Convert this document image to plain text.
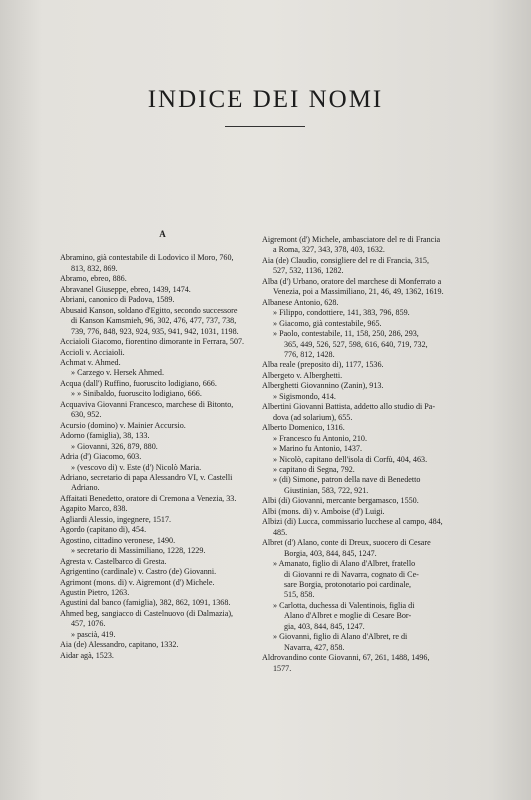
INDICE DEI NOMI
A
Abramino, già contestabile di Lodovico il Moro, 760,
813, 832, 869.
Abramo, ebreo, 886.
Abravanel Giuseppe, ebreo, 1439, 1474.
Abriani, canonico di Padova, 1589.
Abusaid Kanson, soldano d'Egitto, secondo successore
di Kanson Kamsmieh, 96, 302, 476, 477, 737, 738,
739, 776, 848, 923, 924, 935, 941, 942, 1031, 1198.
Acciaioli Giacomo, fiorentino dimorante in Ferrara, 507.
Accioli v. Acciaioli.
Achmat v. Ahmed.
» Carzego v. Hersek Ahmed.
Acqua (dall') Ruffino, fuoruscito lodigiano, 666.
» » Sinibaldo, fuoruscito lodigiano, 666.
Acquaviva Giovanni Francesco, marchese di Bitonto,
630, 952.
Acursio (domino) v. Mainier Accursio.
Adorno (famiglia), 38, 133.
» Giovanni, 326, 879, 880.
Adria (d') Giacomo, 603.
» (vescovo di) v. Este (d') Nicolò Maria.
Adriano, secretario di papa Alessandro VI, v. Castelli
Adriano.
Affaitati Benedetto, oratore di Cremona a Venezia, 33.
Agapito Marco, 838.
Agliardi Alessio, ingegnere, 1517.
Agordo (capitano di), 454.
Agostino, cittadino veronese, 1490.
» secretario di Massimiliano, 1228, 1229.
Agresta v. Castelbarco di Gresta.
Agrigentino (cardinale) v. Castro (de) Giovanni.
Agrimont (mons. di) v. Aigremont (d') Michele.
Agustin Pietro, 1263.
Agustini dal banco (famiglia), 382, 862, 1091, 1368.
Ahmed beg, sangiacco di Castelnuovo (di Dalmazia),
457, 1076.
» pascià, 419.
Aia (de) Alessandro, capitano, 1332.
Aidar agà, 1523.
Aigremont (d') Michele, ambasciatore del re di Francia
a Roma, 327, 343, 378, 403, 1632.
Aia (de) Claudio, consigliere del re di Francia, 315,
527, 532, 1136, 1282.
Alba (d') Urbano, oratore del marchese di Monferrato a
Venezia, poi a Massimiliano, 21, 46, 49, 1362, 1619.
Albanese Antonio, 628.
» Filippo, condottiere, 141, 383, 796, 859.
» Giacomo, già contestabile, 965.
» Paolo, contestabile, 11, 158, 250, 286, 293,
365, 449, 526, 527, 598, 616, 640, 719, 732,
776, 812, 1428.
Alba reale (preposito di), 1177, 1536.
Albergeto v. Alberghetti.
Alberghetti Giovannino (Zanin), 913.
» Sigismondo, 414.
Albertini Giovanni Battista, addetto allo studio di Pa-
dova (ad solarium), 655.
Alberto Domenico, 1316.
» Francesco fu Antonio, 210.
» Marino fu Antonio, 1437.
» Nicolò, capitano dell'isola di Corfù, 404, 463.
» capitano di Segna, 792.
» (di) Simone, patron della nave di Benedetto
Giustinian, 583, 722, 921.
Albi (di) Giovanni, mercante bergamasco, 1550.
Albi (mons. di) v. Amboise (d') Luigi.
Albizi (di) Lucca, commissario lucchese al campo, 484,
485.
Albret (d') Alano, conte di Dreux, suocero di Cesare
Borgia, 403, 844, 845, 1247.
» Amanato, figlio di Alano d'Albret, fratello
di Giovanni re di Navarra, cognato di Ce-
sare Borgia, protonotario poi cardinale,
515, 858.
» Carlotta, duchessa di Valentinois, figlia di
Alano d'Albret e moglie di Cesare Bor-
gia, 403, 844, 845, 1247.
» Giovanni, figlio di Alano d'Albret, re di
Navarra, 427, 858.
Aldrovandino conte Giovanni, 67, 261, 1488, 1496,
1577.
